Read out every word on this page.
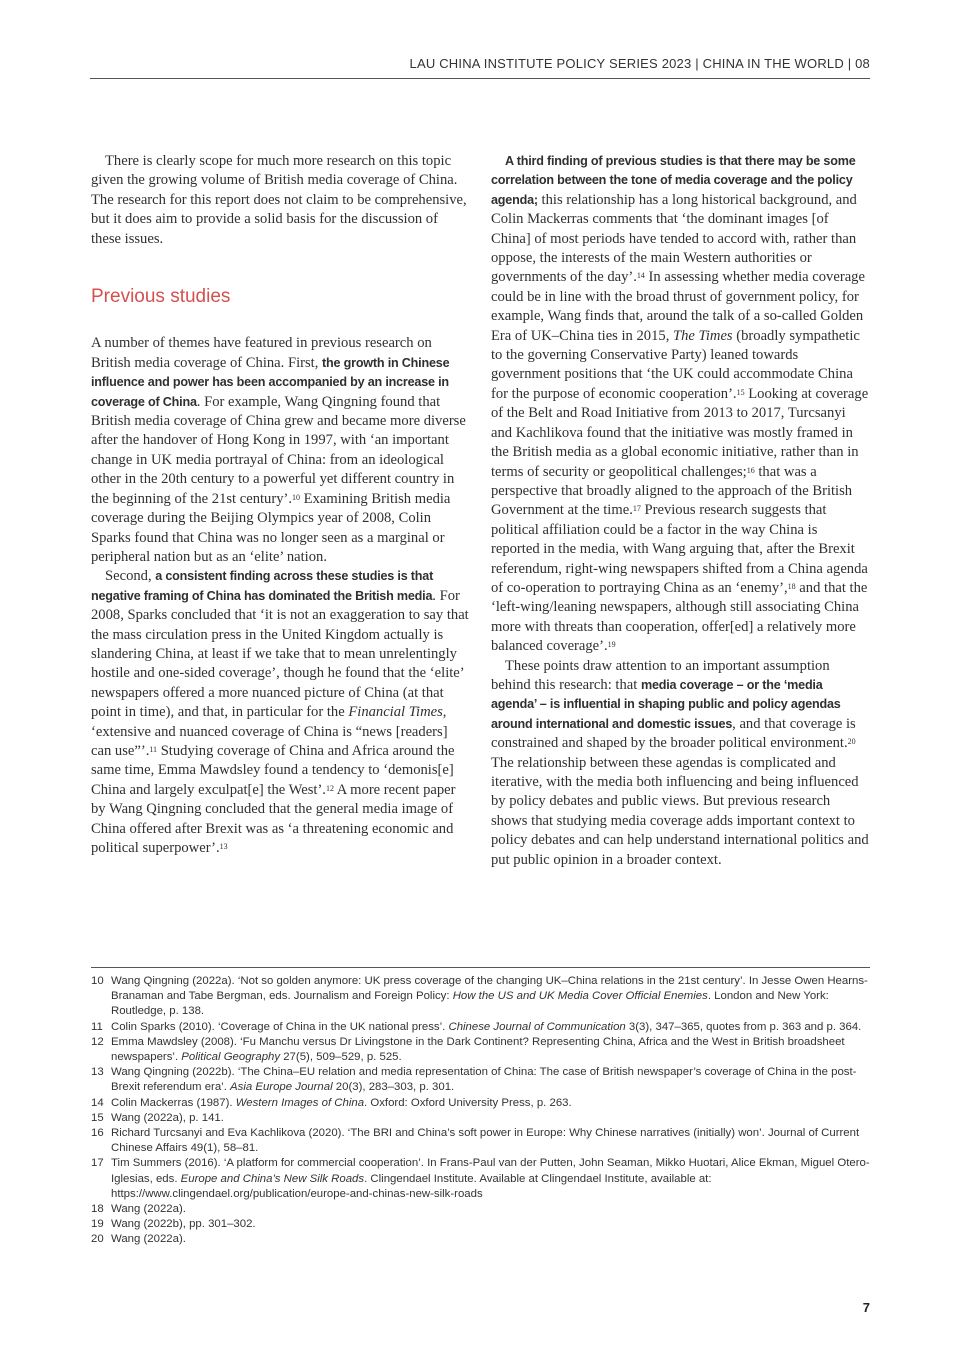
LAU CHINA INSTITUTE POLICY SERIES 2023 | CHINA IN THE WORLD | 08

There is clearly scope for much more research on this topic given the growing volume of British media coverage of China. The research for this report does not claim to be comprehensive, but it does aim to provide a solid basis for the discussion of these issues.

Previous studies

A number of themes have featured in previous research on British media coverage of China. First, the growth in Chinese influence and power has been accompanied by an increase in coverage of China. For example, Wang Qingning found that British media coverage of China grew and became more diverse after the handover of Hong Kong in 1997, with ‘an important change in UK media portrayal of China: from an ideological other in the 20th century to a powerful yet different country in the beginning of the 21st century’.$^{10}$ Examining British media coverage during the Beijing Olympics year of 2008, Colin Sparks found that China was no longer seen as a marginal or peripheral nation but as an ‘elite’ nation.

Second, a consistent finding across these studies is that negative framing of China has dominated the British media. For 2008, Sparks concluded that ‘it is not an exaggeration to say that the mass circulation press in the United Kingdom actually is slandering China, at least if we take that to mean unrelentingly hostile and one-sided coverage’, though he found that the ‘elite’ newspapers offered a more nuanced picture of China (at that point in time), and that, in particular for the Financial Times, ‘extensive and nuanced coverage of China is “news [readers] can use”’.$^{11}$ Studying coverage of China and Africa around the same time, Emma Mawdsley found a tendency to ‘demonis[e] China and largely exculpat[e] the West’.$^{12}$ A more recent paper by Wang Qingning concluded that the general media image of China offered after Brexit was as ‘a threatening economic and political superpower’.$^{13}$

A third finding of previous studies is that there may be some correlation between the tone of media coverage and the policy agenda; this relationship has a long historical background, and Colin Mackerras comments that ‘the dominant images [of China] of most periods have tended to accord with, rather than oppose, the interests of the main Western authorities or governments of the day’.$^{14}$ In assessing whether media coverage could be in line with the broad thrust of government policy, for example, Wang finds that, around the talk of a so-called Golden Era of UK–China ties in 2015, The Times (broadly sympathetic to the governing Conservative Party) leaned towards government positions that ‘the UK could accommodate China for the purpose of economic cooperation’.$^{15}$ Looking at coverage of the Belt and Road Initiative from 2013 to 2017, Turcsanyi and Kachlikova found that the initiative was mostly framed in the British media as a global economic initiative, rather than in terms of security or geopolitical challenges;$^{16}$ that was a perspective that broadly aligned to the approach of the British Government at the time.$^{17}$ Previous research suggests that political affiliation could be a factor in the way China is reported in the media, with Wang arguing that, after the Brexit referendum, right-wing newspapers shifted from a China agenda of co-operation to portraying China as an ‘enemy’,$^{18}$ and that the ‘left-wing/leaning newspapers, although still associating China more with threats than cooperation, offer[ed] a relatively more balanced coverage’.$^{19}$

These points draw attention to an important assumption behind this research: that media coverage – or the ‘media agenda’ – is influential in shaping public and policy agendas around international and domestic issues, and that coverage is constrained and shaped by the broader political environment.$^{20}$ The relationship between these agendas is complicated and iterative, with the media both influencing and being influenced by policy debates and public views. But previous research shows that studying media coverage adds important context to policy debates and can help understand international politics and put public opinion in a broader context.

10 Wang Qingning (2022a). ‘Not so golden anymore: UK press coverage of the changing UK–China relations in the 21st century’. In Jesse Owen Hearns-Branaman and Tabe Bergman, eds. Journalism and Foreign Policy: How the US and UK Media Cover Official Enemies. London and New York: Routledge, p. 138.
11 Colin Sparks (2010). ‘Coverage of China in the UK national press’. Chinese Journal of Communication 3(3), 347–365, quotes from p. 363 and p. 364.
12 Emma Mawdsley (2008). ‘Fu Manchu versus Dr Livingstone in the Dark Continent? Representing China, Africa and the West in British broadsheet newspapers’. Political Geography 27(5), 509–529, p. 525.
13 Wang Qingning (2022b). ‘The China–EU relation and media representation of China: The case of British newspaper’s coverage of China in the post-Brexit referendum era’. Asia Europe Journal 20(3), 283–303, p. 301.
14 Colin Mackerras (1987). Western Images of China. Oxford: Oxford University Press, p. 263.
15 Wang (2022a), p. 141.
16 Richard Turcsanyi and Eva Kachlikova (2020). ‘The BRI and China’s soft power in Europe: Why Chinese narratives (initially) won’. Journal of Current Chinese Affairs 49(1), 58–81.
17 Tim Summers (2016). ‘A platform for commercial cooperation’. In Frans-Paul van der Putten, John Seaman, Mikko Huotari, Alice Ekman, Miguel Otero-Iglesias, eds. Europe and China’s New Silk Roads. Clingendael Institute. Available at Clingendael Institute, available at: https://www.clingendael.org/publication/europe-and-chinas-new-silk-roads
18 Wang (2022a).
19 Wang (2022b), pp. 301–302.
20 Wang (2022a).
7
